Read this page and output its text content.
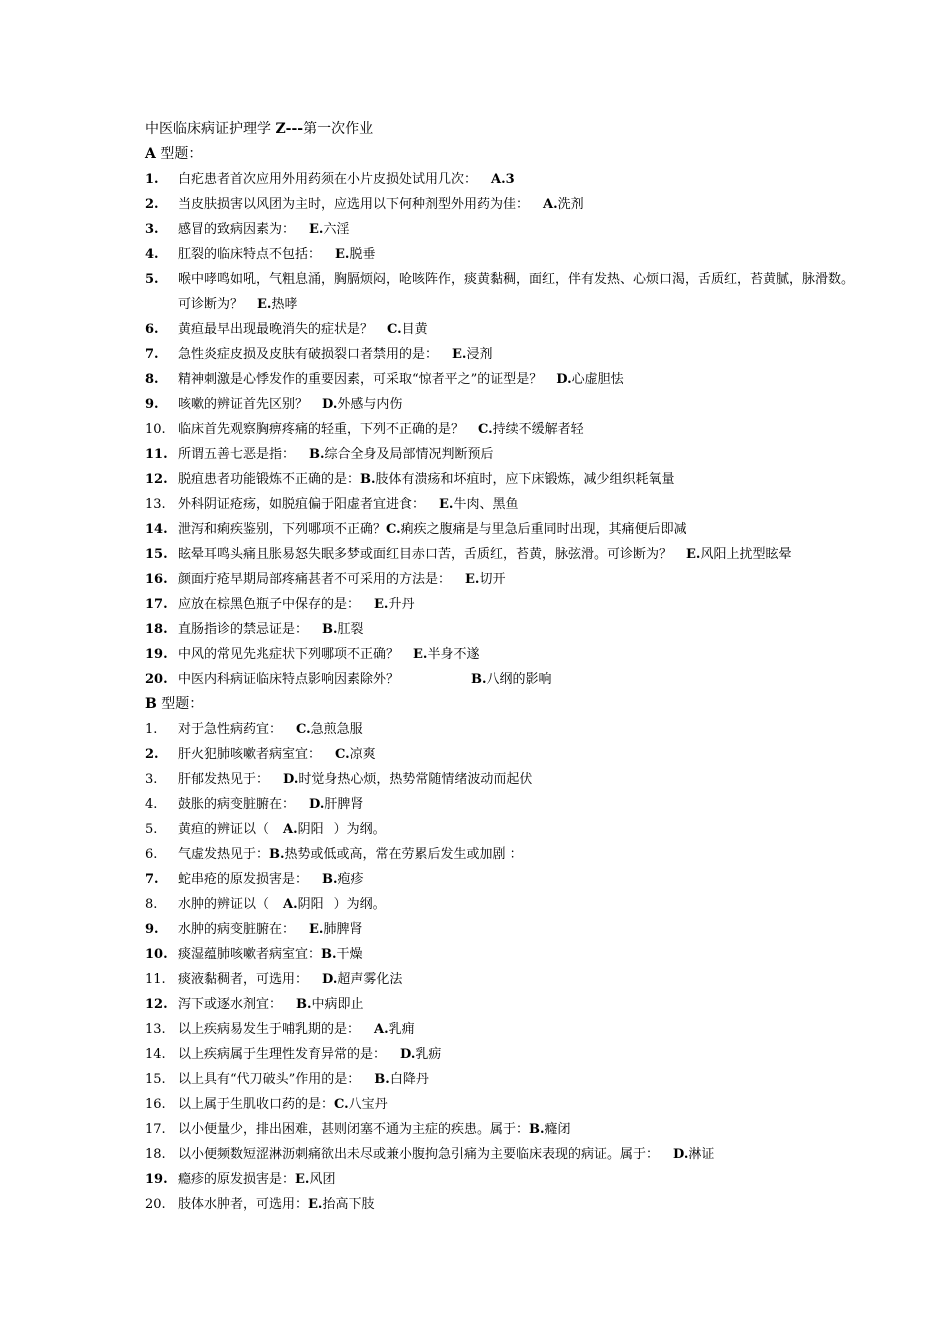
中医临床病证护理学 Z---第一次作业
A 型题：
1.	白疕患者首次应用外用药须在小片皮损处试用几次： A.3
2.	当皮肤损害以风团为主时，应选用以下何种剂型外用药为佳： A.洗剂
3.	感冒的致病因素为： E.六淫
4.	肛裂的临床特点不包括： E.脱垂
5.	喉中哮鸣如吼，气粗息涌，胸膈烦闷，呛咳阵作，痰黄黏稠，面红，伴有发热、心烦口渴，舌质红，苔黄腻，脉滑数。可诊断为？ E.热哮
6.	黄疸最早出现最晚消失的症状是？ C.目黄
7.	急性炎症皮损及皮肤有破损裂口者禁用的是： E.浸剂
8.	精神刺激是心悸发作的重要因素，可采取“惊者平之”的证型是？ D.心虚胆怯
9.	咳嗽的辨证首先区别？ D.外感与内伤
10. 临床首先观察胸痹疼痛的轻重，下列不正确的是？ C.持续不缓解者轻
11. 所谓五善七恶是指： B.综合全身及局部情况判断预后
12. 脱疽患者功能锻炼不正确的是：B.肢体有溃疡和坏疽时，应下床锻炼，减少组织耗氧量
13. 外科阴证疮疡，如脱疽偏于阳虚者宜进食： E.牛肉、黑鱼
14. 泄泻和痢疾鉴别，下列哪项不正确？C.痢疾之腹痛是与里急后重同时出现，其痛便后即减
15. 眩晕耳鸣头痛且胀易怒失眠多梦或面红目赤口苦，舌质红，苔黄，脉弦滑。可诊断为？ E.风阳上扰型眩晕
16. 颜面疔疮早期局部疼痛甚者不可采用的方法是： E.切开
17. 应放在棕黑色瓶子中保存的是： E.升丹
18. 直肠指诊的禁忌证是： B.肛裂
19. 中风的常见先兆症状下列哪项不正确？ E.半身不遂
20. 中医内科病证临床特点影响因素除外？	B.八纲的影响
B 型题：
1.	对于急性病药宜： C.急煎急服
2.	肝火犯肺咳嗽者病室宜： C.凉爽
3.	肝郁发热见于： D.时觉身热心烦，热势常随情绪波动而起伏
4.	鼓胀的病变脏腑在： D.肝脾肾
5.	黄疸的辨证以（ A.阴阳 ）为纲。
6.	气虚发热见于：B.热势或低或高，常在劳累后发生或加剧 ：
7.	蛇串疮的原发损害是： B.疱疹
8.	水肿的辨证以（ A.阴阳 ）为纲。
9.	水肿的病变脏腑在： E.肺脾肾
10. 痰湿蕴肺咳嗽者病室宜：B.干燥
11. 痰液黏稠者，可选用： D.超声雾化法
12. 泻下或逐水剂宜： B.中病即止
13. 以上疾病易发生于哺乳期的是： A.乳痈
14. 以上疾病属于生理性发育异常的是： D.乳疬
15. 以上具有“代刀破头”作用的是： B.白降丹
16. 以上属于生肌收口药的是：C.八宝丹
17. 以小便量少，排出困难，甚则闭塞不通为主症的疾患。属于：B.癃闭
18. 以小便频数短涩淋沥刺痛欲出未尽或兼小腹拘急引痛为主要临床表现的病证。属于： D.淋证
19. 瘾疹的原发损害是：E.风团
20. 肢体水肿者，可选用：E.抬高下肢
